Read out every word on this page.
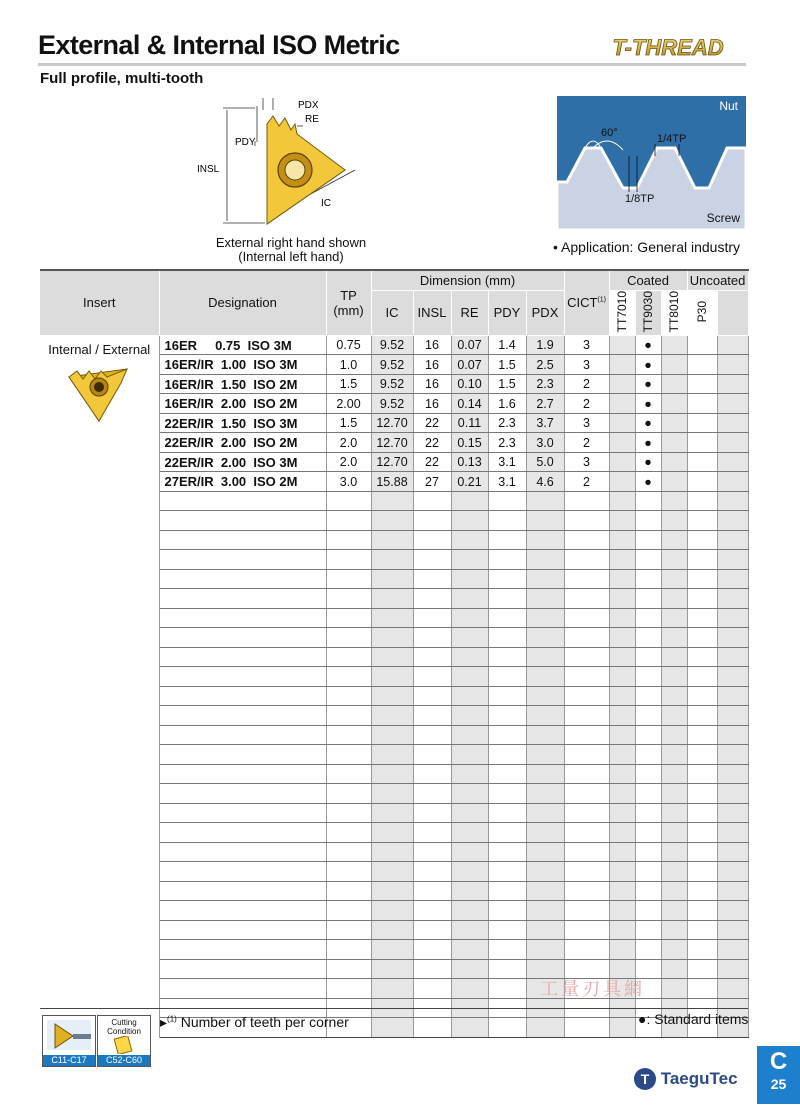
External & Internal ISO Metric
Full profile, multi-tooth
T-THREAD
PDX
RE
PDY
INSL
IC
External right hand shown
(Internal left hand)
Nut
Screw
60°	1/4TP
1/8TP
• Application: General industry
Insert	Designation	TP
(mm)	Dimension (mm)					CICT$^{(1)}$	Coated			Uncoated	
			IC	INSL	RE	PDY	PDX		TT7010	TT9030	TT8010	P30	

Internal / External	16ER     0.75  ISO 3M	0.75	9.52	16	0.07	1.4	1.9	3		●			
	16ER/IR  1.00  ISO 3M	1.0	9.52	16	0.07	1.5	2.5	3		●			
	16ER/IR  1.50  ISO 2M	1.5	9.52	16	0.10	1.5	2.3	2		●			
	16ER/IR  2.00  ISO 2M	2.00	9.52	16	0.14	1.6	2.7	2		●			
	22ER/IR  1.50  ISO 3M	1.5	12.70	22	0.11	2.3	3.7	3		●			
	22ER/IR  2.00  ISO 2M	2.0	12.70	22	0.15	2.3	3.0	2		●			
	22ER/IR  2.00  ISO 3M	2.0	12.70	22	0.13	3.1	5.0	3		●			
	27ER/IR  3.00  ISO 2M	3.0	15.88	27	0.21	3.1	4.6	2		●			

C11-C17
Cutting Condition
C52-C60
▸$^{(1)}$ Number of teeth per corner	●: Standard items
工量刃具網
T TaeguTec
C
25
